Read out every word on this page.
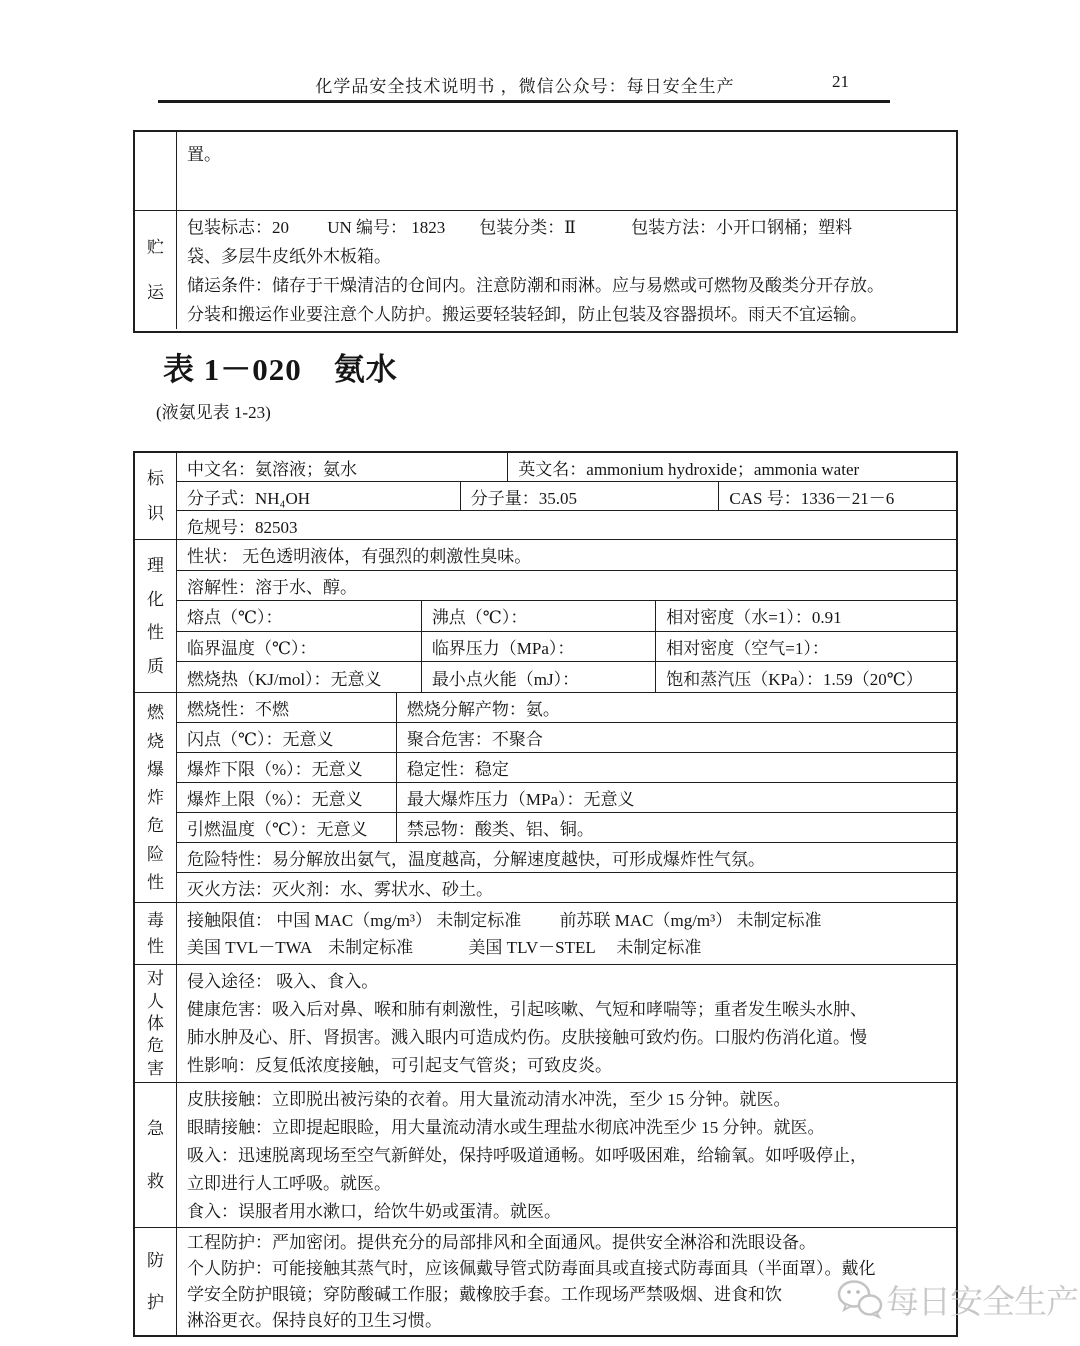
化学品安全技术说明书 ，微信公众号：每日安全生产	21
置。
贮
运
包装标志：20　　 UN 编号： 1823　　包装分类：Ⅱ　　　 包装方法：小开口钢桶；塑料
袋、多层牛皮纸外木板箱。
储运条件：储存于干燥清洁的仓间内。注意防潮和雨淋。应与易燃或可燃物及酸类分开存放。
分装和搬运作业要注意个人防护。搬运要轻装轻卸，防止包装及容器损坏。雨天不宜运输。
表 1－020　氨水
(液氨见表 1-23)
标
识
中文名：氨溶液；氨水	英文名：ammonium hydroxide；ammonia water
分子式：NH₄OH	分子量：35.05	CAS 号：1336－21－6
危规号：82503
理
化
性
质
性状： 无色透明液体，有强烈的刺激性臭味。
溶解性：溶于水、醇。
熔点（℃）：	沸点（℃）：	相对密度（水=1）：0.91
临界温度（℃）：	临界压力（MPa）：	相对密度（空气=1）：
燃烧热（KJ/mol）：无意义	最小点火能（mJ）：	饱和蒸汽压（KPa）：1.59（20℃）
燃
烧
爆
炸
危
险
性
燃烧性：不燃	燃烧分解产物：氨。
闪点（℃）：无意义	聚合危害：不聚合
爆炸下限（%）：无意义	稳定性：稳定
爆炸上限（%）：无意义	最大爆炸压力（MPa）：无意义
引燃温度（℃）：无意义	禁忌物：酸类、铝、铜。
危险特性：易分解放出氨气，温度越高，分解速度越快，可形成爆炸性气氛。
灭火方法：灭火剂：水、雾状水、砂土。
毒
性
接触限值： 中国 MAC（mg/m³） 未制定标准　　 前苏联 MAC（mg/m³） 未制定标准
美国 TVL－TWA　未制定标准　　　 美国 TLV－STEL　 未制定标准
对
人
体
危
害
侵入途径： 吸入、食入。
健康危害：吸入后对鼻、喉和肺有刺激性，引起咳嗽、气短和哮喘等；重者发生喉头水肿、
肺水肿及心、肝、肾损害。溅入眼内可造成灼伤。皮肤接触可致灼伤。口服灼伤消化道。慢
性影响：反复低浓度接触，可引起支气管炎；可致皮炎。
急
救
皮肤接触：立即脱出被污染的衣着。用大量流动清水冲洗，至少 15 分钟。就医。
眼睛接触：立即提起眼睑，用大量流动清水或生理盐水彻底冲洗至少 15 分钟。就医。
吸入：迅速脱离现场至空气新鲜处，保持呼吸道通畅。如呼吸困难，给输氧。如呼吸停止，
立即进行人工呼吸。就医。
食入：误服者用水漱口，给饮牛奶或蛋清。就医。
防
护
工程防护：严加密闭。提供充分的局部排风和全面通风。提供安全淋浴和洗眼设备。
个人防护：可能接触其蒸气时，应该佩戴导管式防毒面具或直接式防毒面具（半面罩）。戴化
学安全防护眼镜；穿防酸碱工作服；戴橡胶手套。工作现场严禁吸烟、进食和饮
淋浴更衣。保持良好的卫生习惯。
每日安全生产
